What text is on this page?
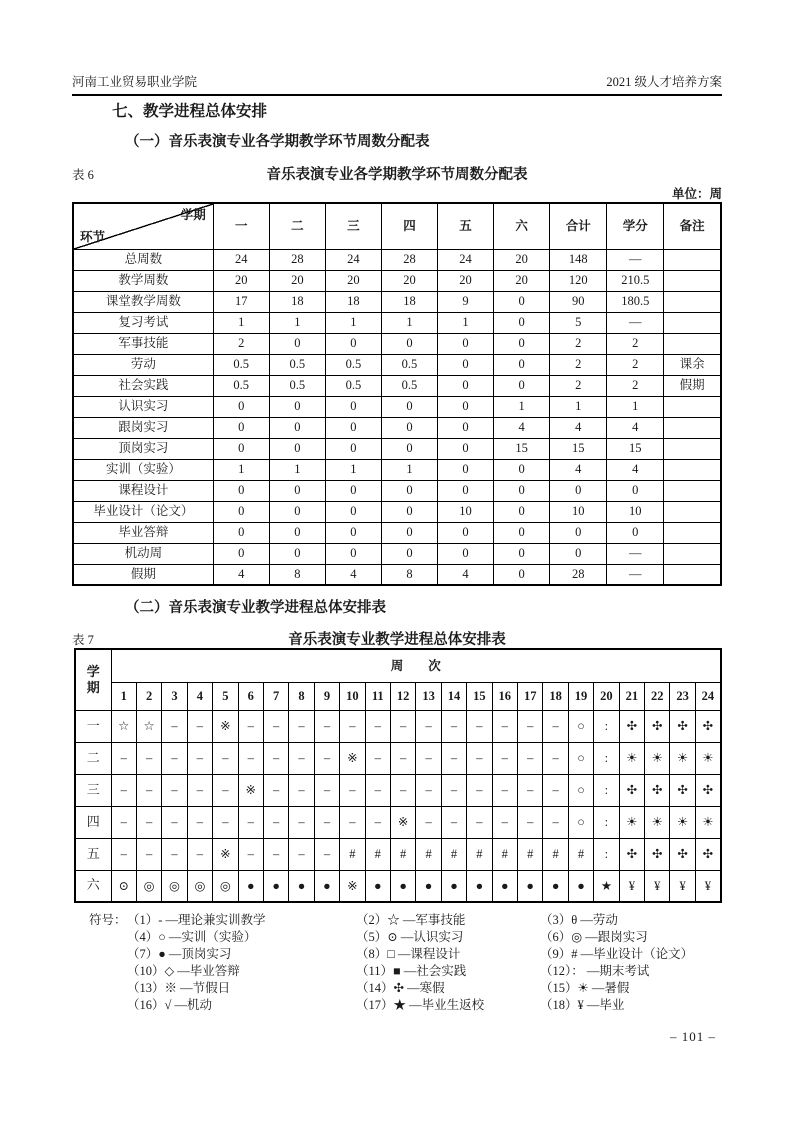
河南工业贸易职业学院	2021 级人才培养方案
七、教学进程总体安排
（一）音乐表演专业各学期教学环节周数分配表
表 6	音乐表演专业各学期教学环节周数分配表
单位：周
学期
环节	一	二	三	四	五	六	合计	学分	备注
总周数	24	28	24	28	24	20	148	—	
教学周数	20	20	20	20	20	20	120	210.5	
课堂教学周数	17	18	18	18	9	0	90	180.5	
复习考试	1	1	1	1	1	0	5	—	
军事技能	2	0	0	0	0	0	2	2	
劳动	0.5	0.5	0.5	0.5	0	0	2	2	课余
社会实践	0.5	0.5	0.5	0.5	0	0	2	2	假期
认识实习	0	0	0	0	0	1	1	1	
跟岗实习	0	0	0	0	0	4	4	4	
顶岗实习	0	0	0	0	0	15	15	15	
实训（实验）	1	1	1	1	0	0	4	4	
课程设计	0	0	0	0	0	0	0	0	
毕业设计（论文）	0	0	0	0	10	0	10	10	
毕业答辩	0	0	0	0	0	0	0	0	
机动周	0	0	0	0	0	0	0	—	
假期	4	8	4	8	4	0	28	—	
（二）音乐表演专业教学进程总体安排表
表 7	音乐表演专业教学进程总体安排表
学
期	周　　次																							
	1	2	3	4	5	6	7	8	9	10	11	12	13	14	15	16	17	18	19	20	21	22	23	24
一	☆	☆	–	–	※	–	–	–	–	–	–	–	–	–	–	–	–	–	○	:	✣	✣	✣	✣
二	–	–	–	–	–	–	–	–	–	※	–	–	–	–	–	–	–	–	○	:	☀	☀	☀	☀
三	–	–	–	–	–	※	–	–	–	–	–	–	–	–	–	–	–	–	○	:	✣	✣	✣	✣
四	–	–	–	–	–	–	–	–	–	–	–	※	–	–	–	–	–	–	○	:	☀	☀	☀	☀
五	–	–	–	–	※	–	–	–	–	#	#	#	#	#	#	#	#	#	#	:	✣	✣	✣	✣
六	⊙	◎	◎	◎	◎	●	●	●	●	※	●	●	●	●	●	●	●	●	●	★	¥	¥	¥	¥
符号： （1）- —理论兼实训教学	（2）☆ —军事技能	（3）θ —劳动
（4）○ —实训（实验）	（5）⊙ —认识实习	（6）◎ —跟岗实习
（7）● —顶岗实习	（8）□ —课程设计	（9）# —毕业设计（论文）
（10）◇ —毕业答辩	（11）■ —社会实践	（12）： —期末考试
（13）※ —节假日	（14）✣ —寒假	（15）☀ —暑假
（16）√ —机动	（17）★ —毕业生返校	（18）¥ —毕业
– 101 –
